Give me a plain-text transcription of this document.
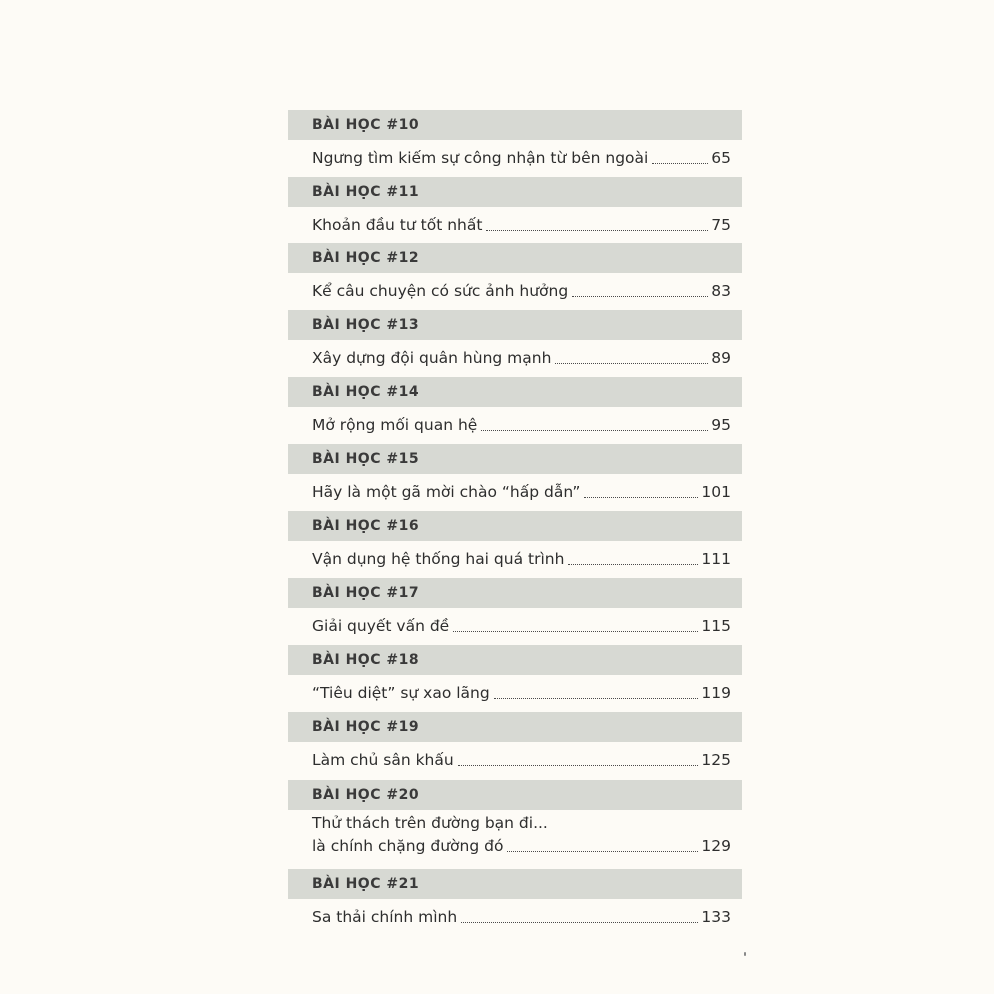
BÀI HỌC #10
Ngưng tìm kiếm sự công nhận từ bên ngoài	65
BÀI HỌC #11
Khoản đầu tư tốt nhất	75
BÀI HỌC #12
Kể câu chuyện có sức ảnh hưởng	83
BÀI HỌC #13
Xây dựng đội quân hùng mạnh	89
BÀI HỌC #14
Mở rộng mối quan hệ	95
BÀI HỌC #15
Hãy là một gã mời chào “hấp dẫn”	101
BÀI HỌC #16
Vận dụng hệ thống hai quá trình	111
BÀI HỌC #17
Giải quyết vấn đề	115
BÀI HỌC #18
“Tiêu diệt” sự xao lãng	119
BÀI HỌC #19
Làm chủ sân khấu	125
BÀI HỌC #20
Thử thách trên đường bạn đi...
là chính chặng đường đó	129
BÀI HỌC #21
Sa thải chính mình	133
